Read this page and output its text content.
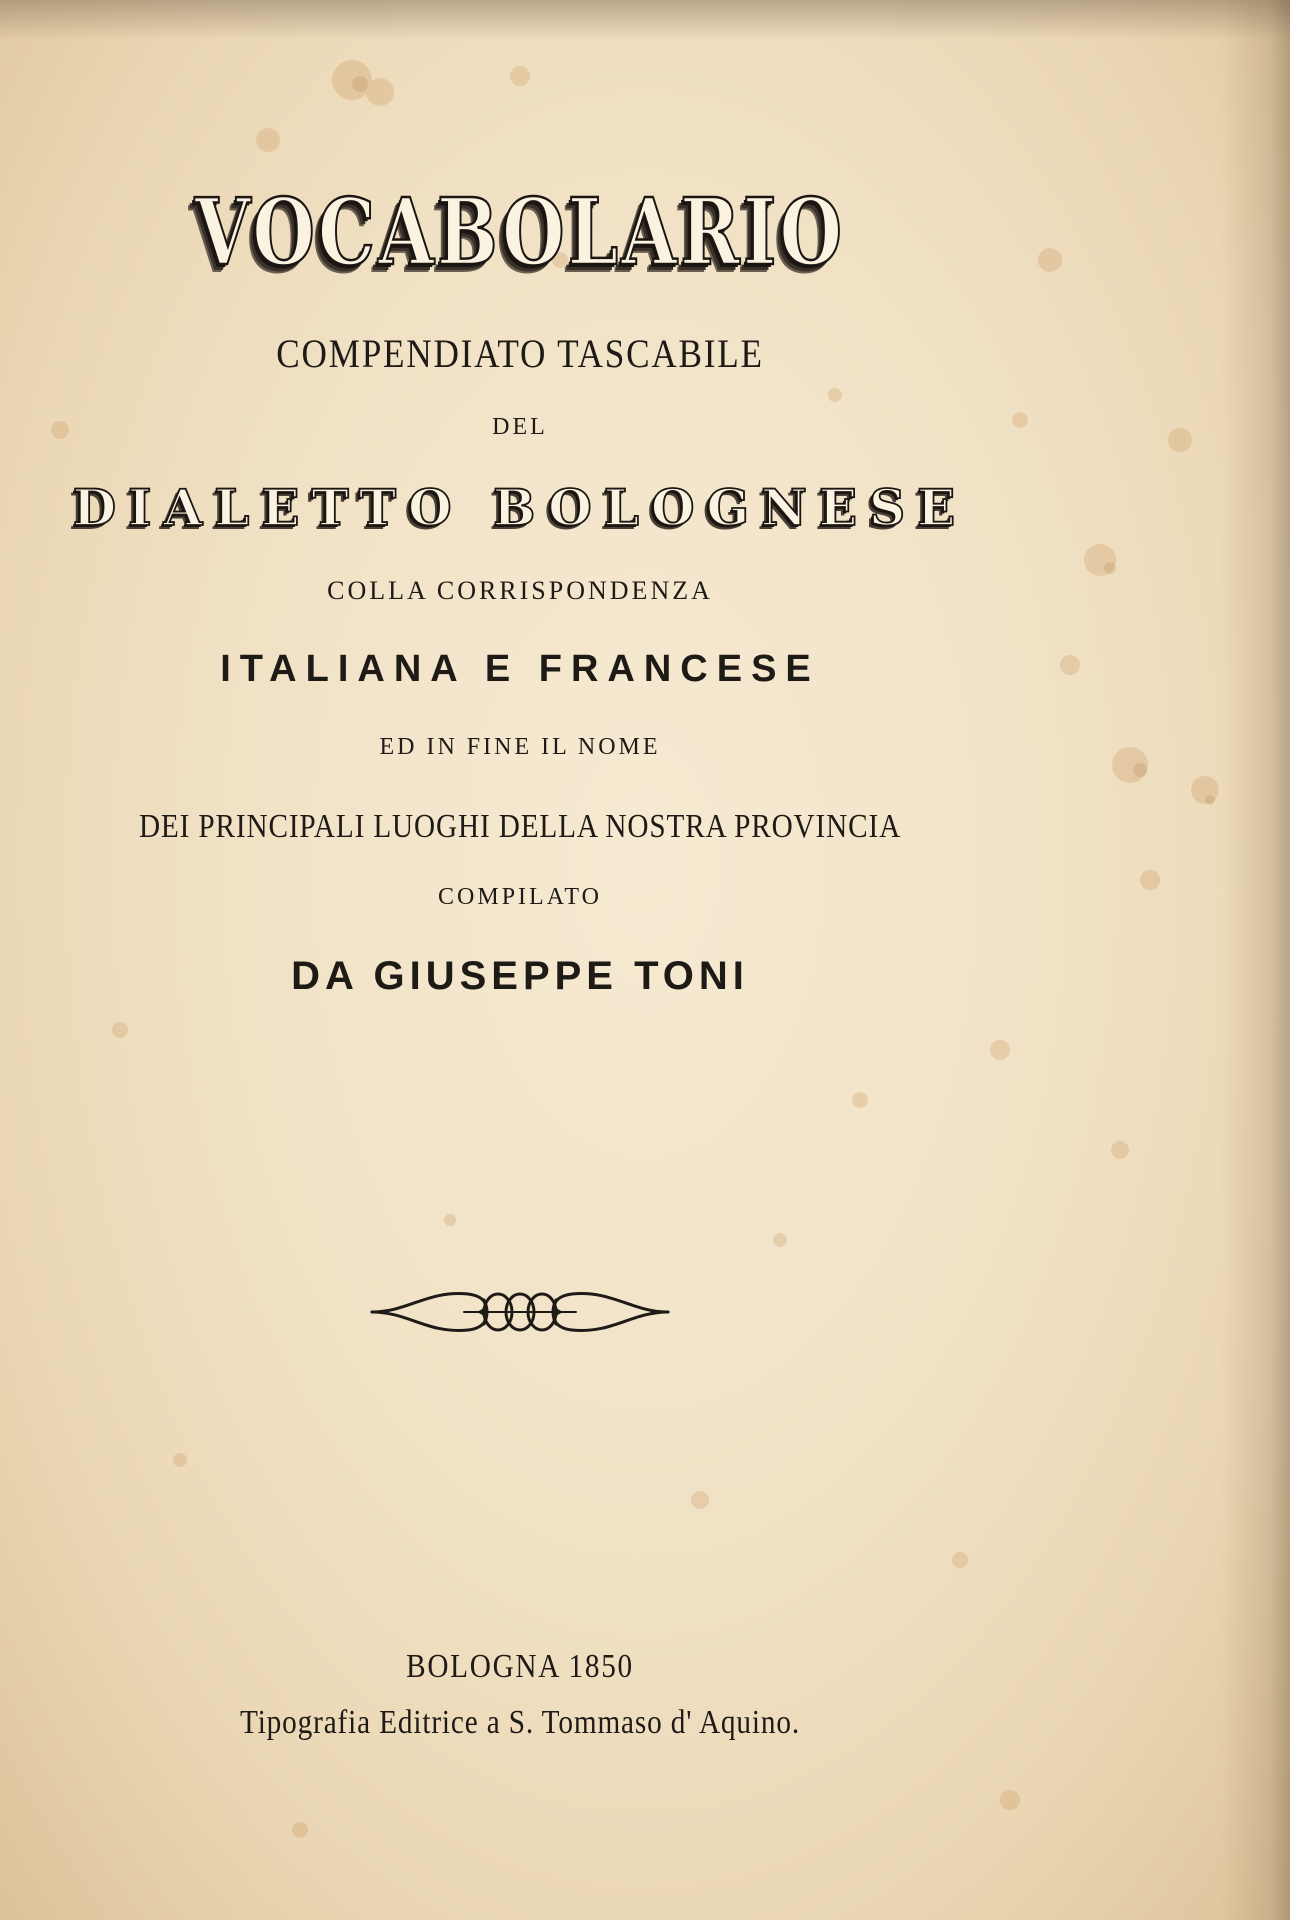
VOCABOLARIO
COMPENDIATO TASCABILE
DEL
DIALETTO BOLOGNESE
COLLA CORRISPONDENZA
ITALIANA E FRANCESE
ED IN FINE IL NOME
DEI PRINCIPALI LUOGHI DELLA NOSTRA PROVINCIA
COMPILATO
DA GIUSEPPE TONI
BOLOGNA 1850
Tipografia Editrice a S. Tommaso d' Aquino.
